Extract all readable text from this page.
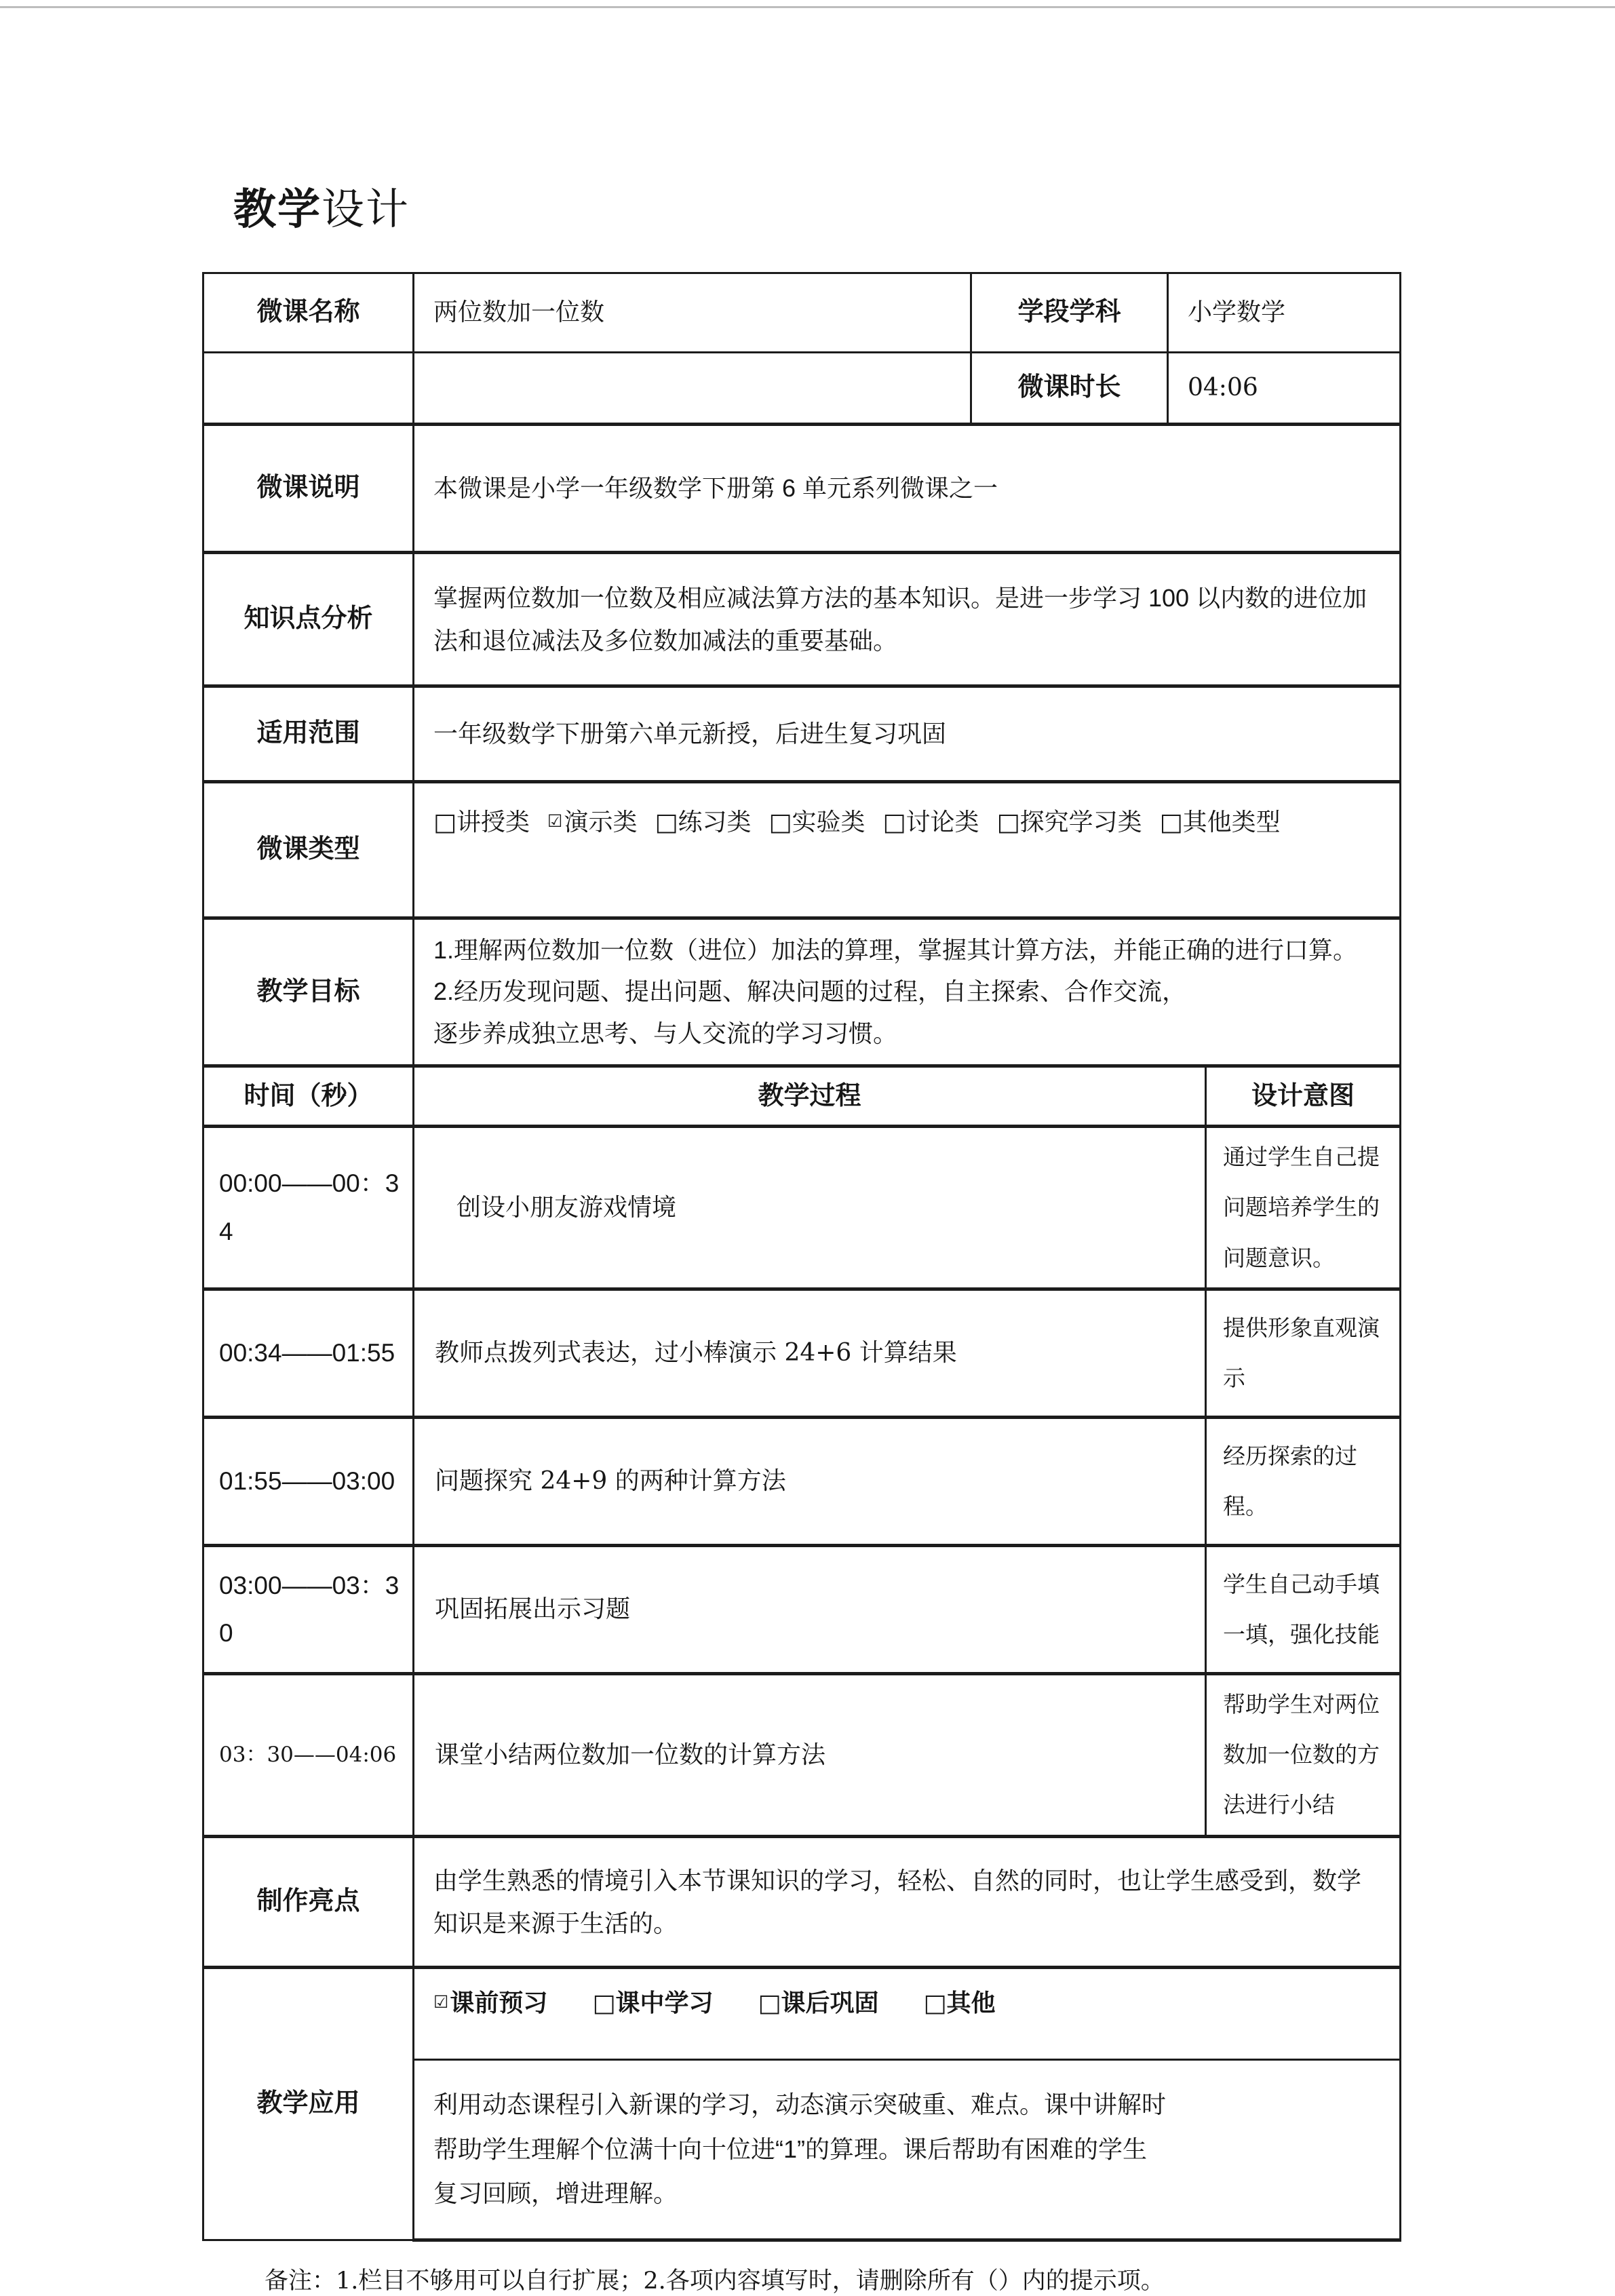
教学设计
微课名称	两位数加一位数	学段学科	小学数学	
		微课时长	04:06	
微课说明	本微课是小学一年级数学下册第 6 单元系列微课之一			
知识点分析	掌握两位数加一位数及相应减法算方法的基本知识。是进一步学习 100 以内数的进位加法和退位减法及多位数加减法的重要基础。			
适用范围	一年级数学下册第六单元新授，后进生复习巩固			
微课类型	□讲授类 ☑演示类 □练习类 □实验类 □讨论类 □探究学习类 □其他类型			
教学目标	1.理解两位数加一位数（进位）加法的算理，掌握其计算方法，并能正确的进行口算。
2.经历发现问题、提出问题、解决问题的过程，自主探索、合作交流，
逐步养成独立思考、与人交流的学习习惯。			

时间（秒）	教学过程			设计意图
00:00——00：34	创设小朋友游戏情境			通过学生自己提问题培养学生的问题意识。
00:34——01:55	教师点拨列式表达，过小棒演示 24+6 计算结果			提供形象直观演示
01:55——03:00	问题探究 24+9 的两种计算方法			经历探索的过程。
03:00——03：30	巩固拓展出示习题			学生自己动手填一填，强化技能
03：30——04:06	课堂小结两位数加一位数的计算方法			帮助学生对两位数加一位数的方法进行小结
制作亮点	由学生熟悉的情境引入本节课知识的学习，轻松、自然的同时，也让学生感受到，数学知识是来源于生活的。			
教学应用	☑课前预习 □课中学习 □课后巩固 □其他			

	利用动态课程引入新课的学习，动态演示突破重、难点。课中讲解时
帮助学生理解个位满十向十位进“1”的算理。课后帮助有困难的学生
复习回顾，增进理解。			
备注：1.栏目不够用可以自行扩展；2.各项内容填写时，请删除所有（）内的提示项。
